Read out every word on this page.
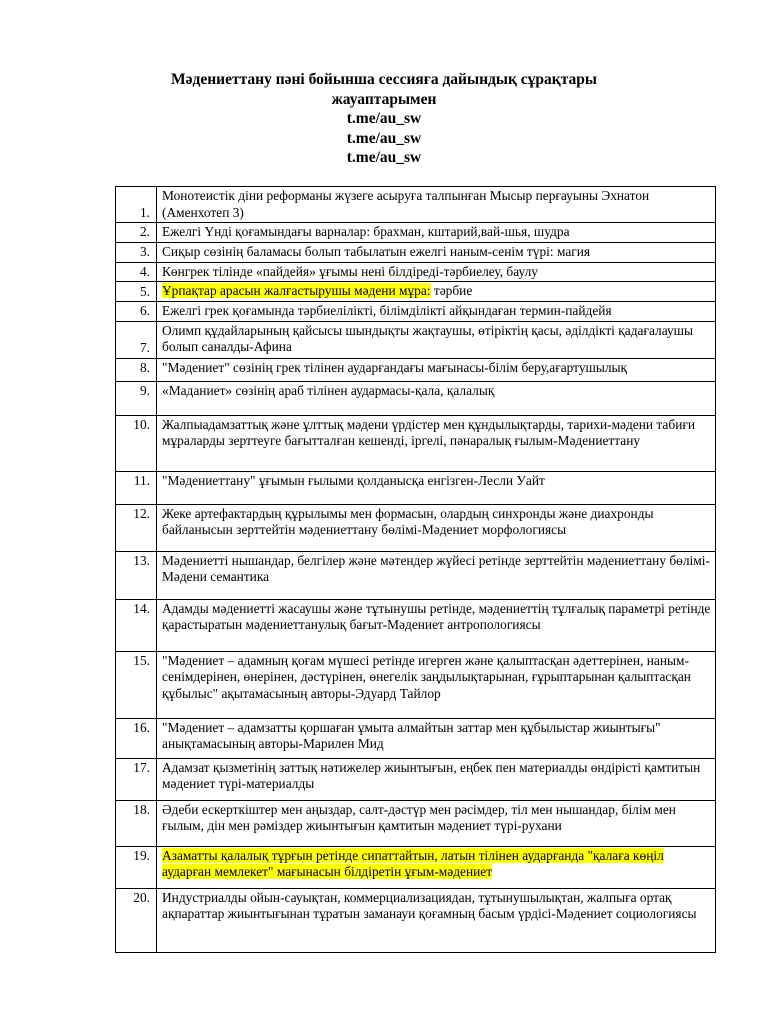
Мәдениеттану пәні бойынша сессияға дайындық сұрақтары
жауаптарымен
t.me/au_sw
t.me/au_sw
t.me/au_sw
1.	Монотеистік діни реформаны жүзеге асыруға талпынған Мысыр перғауыны Эхнатон (Аменхотеп 3)
2.	Ежелгі Үнді қоғамындағы варналар: брахман, кштарий,вай-шья, шудра
3.	Сиқыр сөзінің баламасы болып табылатын ежелгі наным-сенім түрі: магия
4.	Көнгрек тілінде «пайдейя» ұғымы нені білдіреді-тәрбиелеу, баулу
5.	Ұрпақтар арасын жалғастырушы мәдени мұра: тәрбие
6.	Ежелгі грек қоғамында тәрбиелілікті, білімділікті айқындаған термин-пайдейя
7.	Олимп құдайларының қайсысы шындықты жақтаушы, өтіріктің қасы, әділдікті қадағалаушы болып саналды-Афина
8.	"Мәдениет" сөзінің грек тілінен аударғандағы мағынасы-білім беру,ағартушылық
9.	«Маданиет» сөзінің араб тілінен аудармасы-қала, қалалық
10.	Жалпыадамзаттық және ұлттық мәдени үрдістер мен құндылықтарды, тарихи-мәдени табиғи мұраларды зерттеуге бағытталған кешенді, іргелі, пәнаралық ғылым-Мәдениеттану
11.	"Мәдениеттану" ұғымын ғылыми қолданысқа енгізген-Лесли Уайт
12.	Жеке артефактардың құрылымы мен формасын, олардың синхронды және диахронды байланысын зерттейтін мәдениеттану бөлімі-Мәдениет морфологиясы
13.	Мәдениетті нышандар, белгілер және мәтендер жүйесі ретінде зерттейтін мәдениеттану бөлімі-Мәдени семантика
14.	Адамды мәдениетті жасаушы және тұтынушы ретінде, мәдениеттің тұлғалық параметрі ретінде қарастыратын мәдениеттанулық бағыт-Мәдениет антропологиясы
15.	"Мәдениет – адамның қоғам мүшесі ретінде игерген және қалыптасқан әдеттерінен, наным-сенімдерінен, өнерінен, дәстүрінен, өнегелік заңдылықтарынан, ғұрыптарынан қалыптасқан құбылыс" ақытамасының авторы-Эдуард Тайлор
16.	"Мәдениет – адамзатты қоршаған ұмыта алмайтын заттар мен құбылыстар жиынтығы" анықтамасының авторы-Марилен Мид
17.	Адамзат қызметінің заттық нәтижелер жиынтығын, еңбек пен материалды өндірісті қамтитын мәдениет түрі-материалды
18.	Әдеби ескерткіштер мен аңыздар, салт-дәстүр мен рәсімдер, тіл мен нышандар, білім мен ғылым, дін мен рәміздер жиынтығын қамтитын мәдениет түрі-рухани
19.	Азаматты қалалық тұрғын ретінде сипаттайтын, латын тілінен аударғанда "қалаға көңіл аударған мемлекет" мағынасын білдіретін ұғым-мәдениет
20.	Индустриалды ойын-сауықтан, коммерциализациядан, тұтынушылықтан, жалпыға ортақ ақпараттар жиынтығынан тұратын заманауи қоғамның басым үрдісі-Мәдениет социологиясы
